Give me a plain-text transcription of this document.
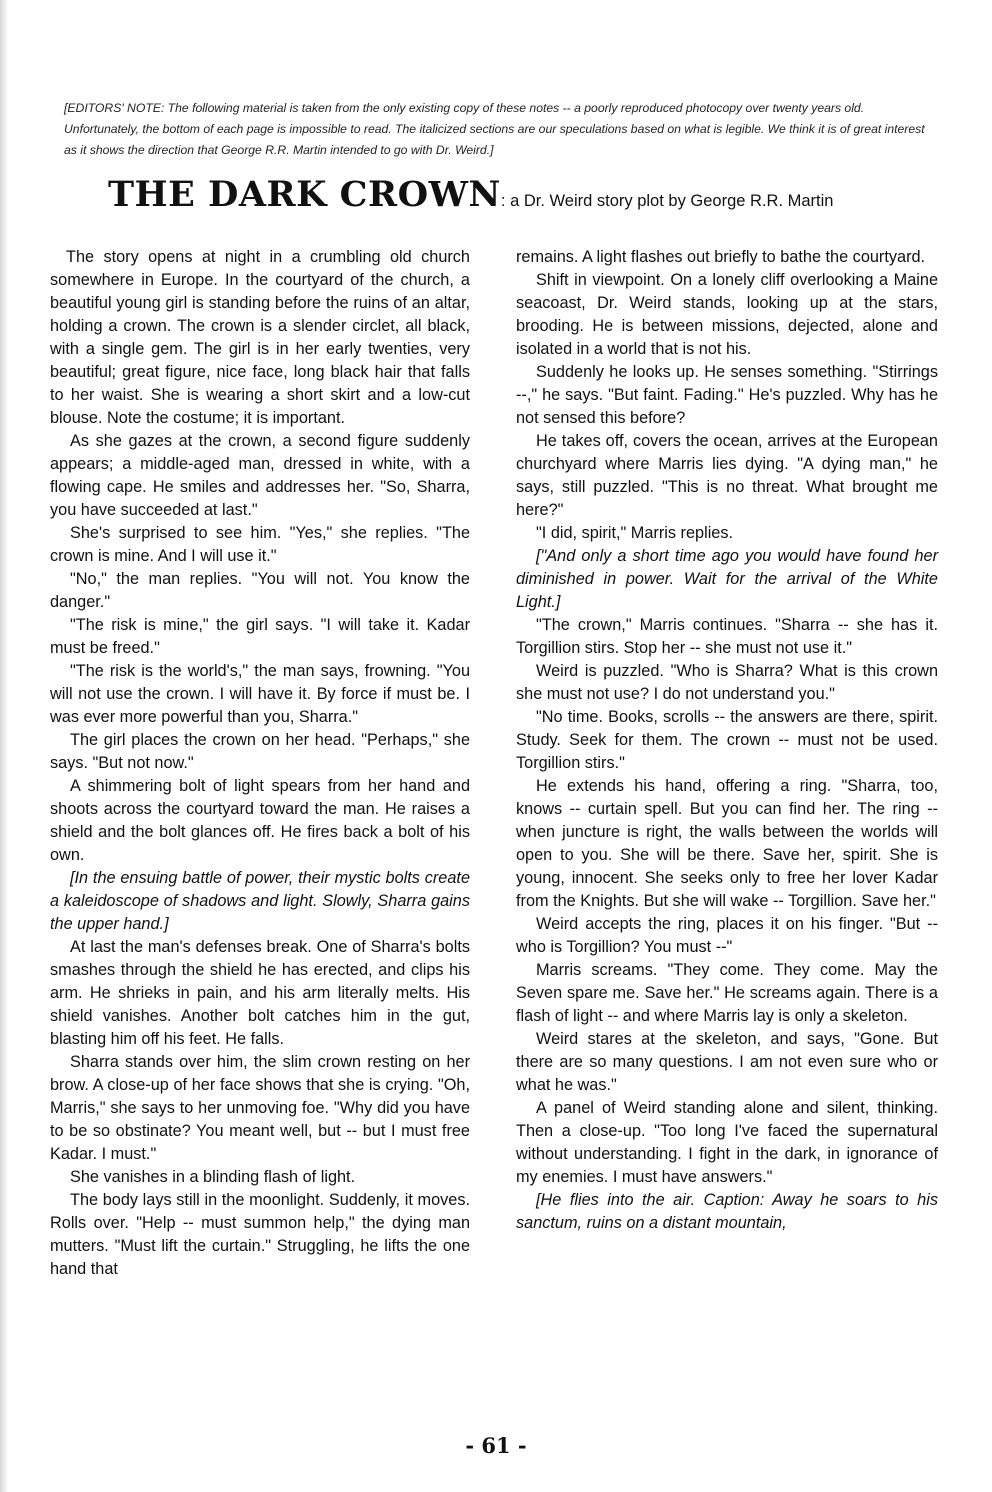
[EDITORS' NOTE: The following material is taken from the only existing copy of these notes -- a poorly reproduced photocopy over twenty years old. Unfortunately, the bottom of each page is impossible to read. The italicized sections are our speculations based on what is legible. We think it is of great interest as it shows the direction that George R.R. Martin intended to go with Dr. Weird.]
THE DARK CROWN: a Dr. Weird story plot by George R.R. Martin

The story opens at night in a crumbling old church somewhere in Europe. In the courtyard of the church, a beautiful young girl is standing before the ruins of an altar, holding a crown. The crown is a slender circlet, all black, with a single gem. The girl is in her early twenties, very beautiful; great figure, nice face, long black hair that falls to her waist. She is wearing a short skirt and a low-cut blouse. Note the costume; it is important.

As she gazes at the crown, a second figure suddenly appears; a middle-aged man, dressed in white, with a flowing cape. He smiles and addresses her. "So, Sharra, you have succeeded at last."

She's surprised to see him. "Yes," she replies. "The crown is mine. And I will use it."

"No," the man replies. "You will not. You know the danger."

"The risk is mine," the girl says. "I will take it. Kadar must be freed."

"The risk is the world's," the man says, frowning. "You will not use the crown. I will have it. By force if must be. I was ever more powerful than you, Sharra."

The girl places the crown on her head. "Perhaps," she says. "But not now."

A shimmering bolt of light spears from her hand and shoots across the courtyard toward the man. He raises a shield and the bolt glances off. He fires back a bolt of his own.

[In the ensuing battle of power, their mystic bolts create a kaleidoscope of shadows and light. Slowly, Sharra gains the upper hand.]

At last the man's defenses break. One of Sharra's bolts smashes through the shield he has erected, and clips his arm. He shrieks in pain, and his arm literally melts. His shield vanishes. Another bolt catches him in the gut, blasting him off his feet. He falls.

Sharra stands over him, the slim crown resting on her brow. A close-up of her face shows that she is crying. "Oh, Marris," she says to her unmoving foe. "Why did you have to be so obstinate? You meant well, but -- but I must free Kadar. I must."

She vanishes in a blinding flash of light.

The body lays still in the moonlight. Suddenly, it moves. Rolls over. "Help -- must summon help," the dying man mutters. "Must lift the curtain." Struggling, he lifts the one hand that

remains. A light flashes out briefly to bathe the courtyard.

Shift in viewpoint. On a lonely cliff overlooking a Maine seacoast, Dr. Weird stands, looking up at the stars, brooding. He is between missions, dejected, alone and isolated in a world that is not his.

Suddenly he looks up. He senses something. "Stirrings --," he says. "But faint. Fading." He's puzzled. Why has he not sensed this before?

He takes off, covers the ocean, arrives at the European churchyard where Marris lies dying. "A dying man," he says, still puzzled. "This is no threat. What brought me here?"

"I did, spirit," Marris replies.

["And only a short time ago you would have found her diminished in power. Wait for the arrival of the White Light.]

"The crown," Marris continues. "Sharra -- she has it. Torgillion stirs. Stop her -- she must not use it."

Weird is puzzled. "Who is Sharra? What is this crown she must not use? I do not understand you."

"No time. Books, scrolls -- the answers are there, spirit. Study. Seek for them. The crown -- must not be used. Torgillion stirs."

He extends his hand, offering a ring. "Sharra, too, knows -- curtain spell. But you can find her. The ring -- when juncture is right, the walls between the worlds will open to you. She will be there. Save her, spirit. She is young, innocent. She seeks only to free her lover Kadar from the Knights. But she will wake -- Torgillion. Save her."

Weird accepts the ring, places it on his finger. "But -- who is Torgillion? You must --"

Marris screams. "They come. They come. May the Seven spare me. Save her." He screams again. There is a flash of light -- and where Marris lay is only a skeleton.

Weird stares at the skeleton, and says, "Gone. But there are so many questions. I am not even sure who or what he was."

A panel of Weird standing alone and silent, thinking. Then a close-up. "Too long I've faced the supernatural without understanding. I fight in the dark, in ignorance of my enemies. I must have answers."

[He flies into the air. Caption: Away he soars to his sanctum, ruins on a distant mountain,

- 61 -
